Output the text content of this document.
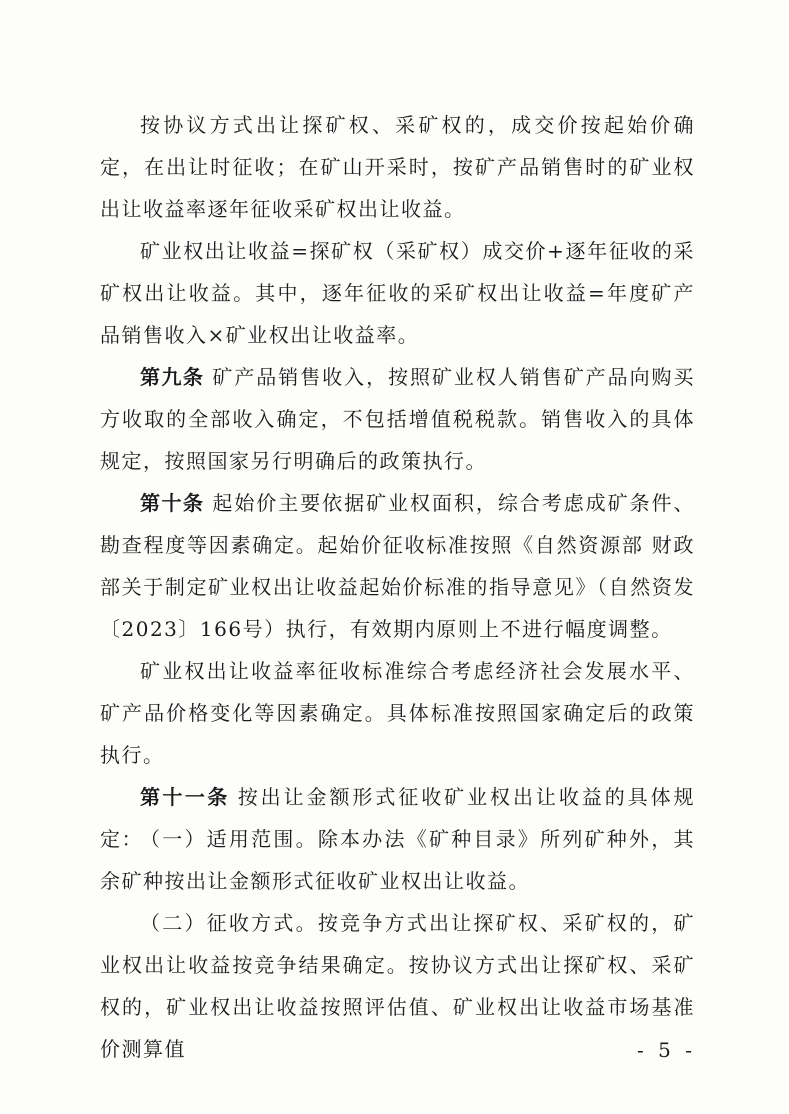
按协议方式出让探矿权、采矿权的，成交价按起始价确定，在出让时征收；在矿山开采时，按矿产品销售时的矿业权出让收益率逐年征收采矿权出让收益。

矿业权出让收益=探矿权（采矿权）成交价+逐年征收的采矿权出让收益。其中，逐年征收的采矿权出让收益=年度矿产品销售收入×矿业权出让收益率。

第九条 矿产品销售收入，按照矿业权人销售矿产品向购买方收取的全部收入确定，不包括增值税税款。销售收入的具体规定，按照国家另行明确后的政策执行。

第十条 起始价主要依据矿业权面积，综合考虑成矿条件、勘查程度等因素确定。起始价征收标准按照《自然资源部 财政部关于制定矿业权出让收益起始价标准的指导意见》（自然资发〔2023〕166号）执行，有效期内原则上不进行幅度调整。

矿业权出让收益率征收标准综合考虑经济社会发展水平、矿产品价格变化等因素确定。具体标准按照国家确定后的政策执行。

第十一条 按出让金额形式征收矿业权出让收益的具体规定：

（一）适用范围。除本办法《矿种目录》所列矿种外，其余矿种按出让金额形式征收矿业权出让收益。

（二）征收方式。按竞争方式出让探矿权、采矿权的，矿业权出让收益按竞争结果确定。按协议方式出让探矿权、采矿权的，矿业权出让收益按照评估值、矿业权出让收益市场基准价测算值	- 5 -
